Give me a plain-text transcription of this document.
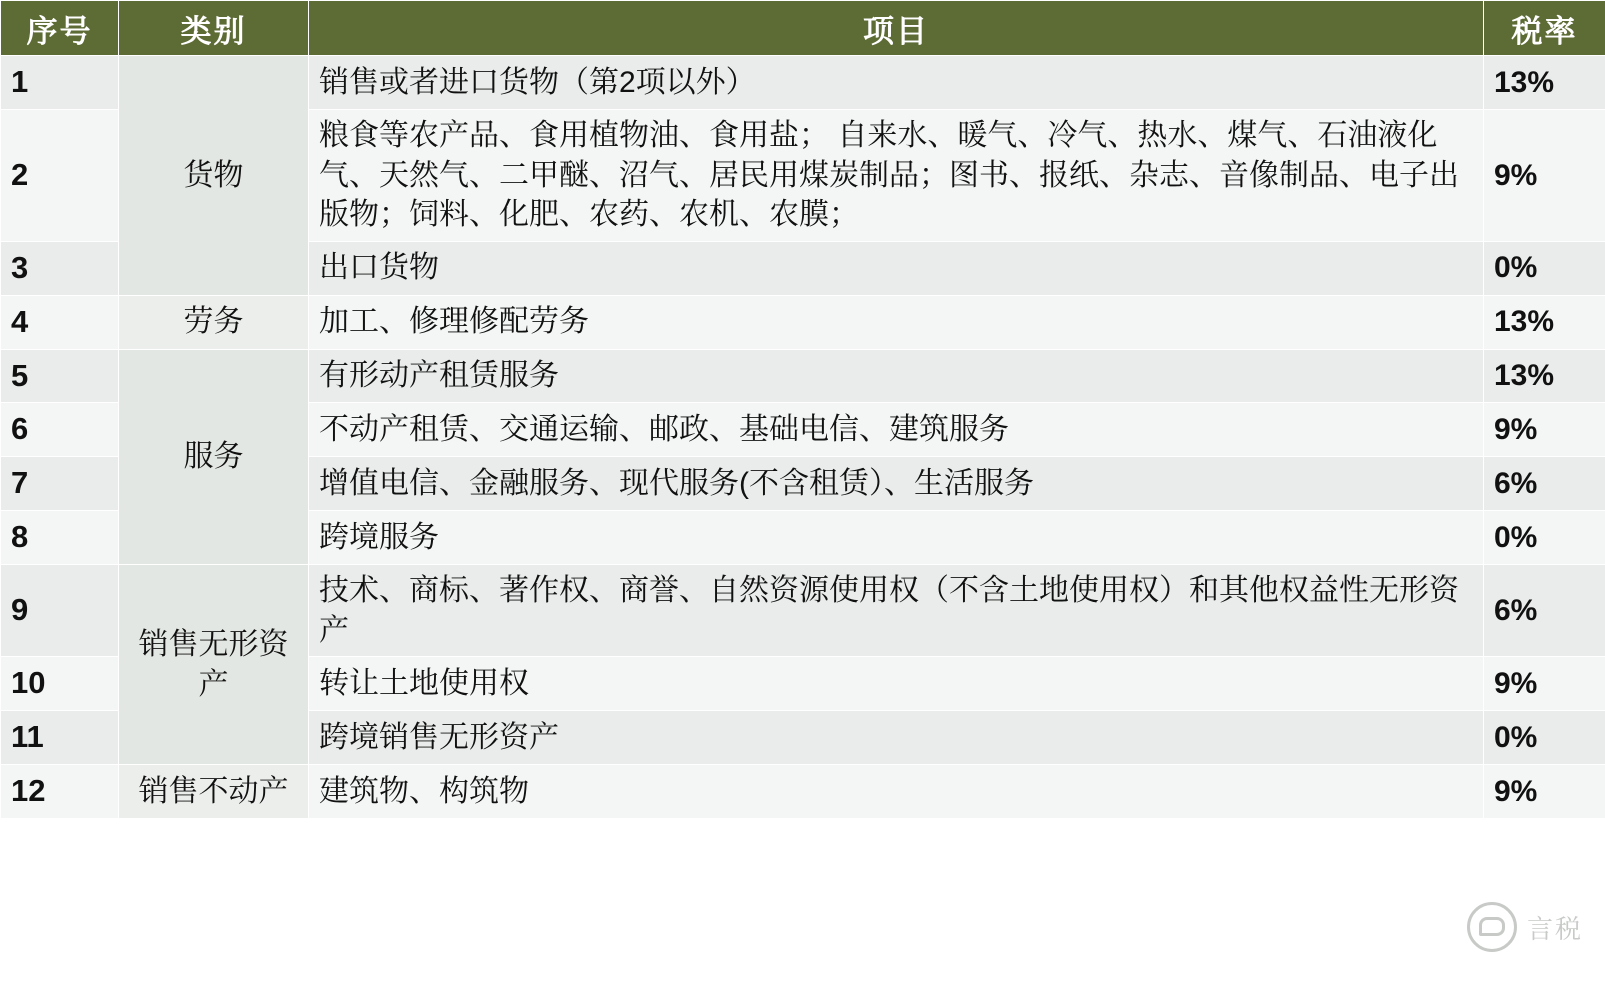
序号	类别	项目	税率
1	货物	销售或者进口货物（第2项以外）	13%
2		粮食等农产品、食用植物油、食用盐； 自来水、暖气、冷气、热水、煤气、石油液化气、天然气、二甲醚、沼气、居民用煤炭制品；图书、报纸、杂志、音像制品、电子出版物；饲料、化肥、农药、农机、农膜；	9%
3		出口货物	0%
4	劳务	加工、修理修配劳务	13%
5	服务	有形动产租赁服务	13%
6		不动产租赁、交通运输、邮政、基础电信、建筑服务	9%
7		增值电信、金融服务、现代服务(不含租赁）、生活服务	6%
8		跨境服务	0%
9	销售无形资产	技术、商标、著作权、商誉、自然资源使用权（不含土地使用权）和其他权益性无形资产	6%
10		转让土地使用权	9%
11		跨境销售无形资产	0%
12	销售不动产	建筑物、构筑物	9%
言税
